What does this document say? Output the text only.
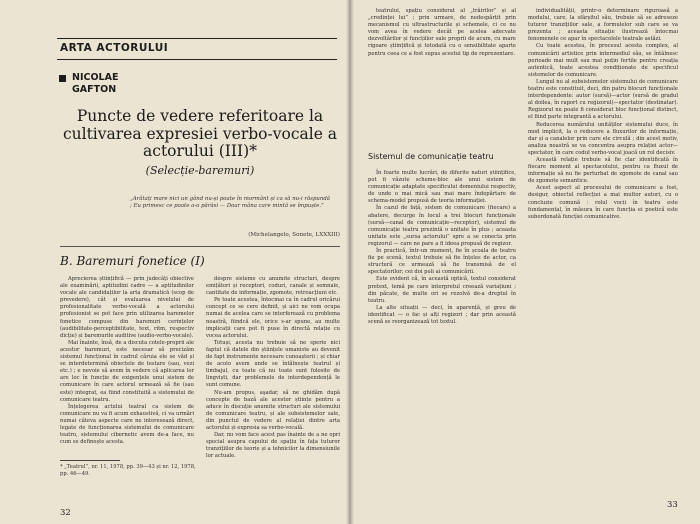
ARTA ACTORULUI
NICOLAE
GAFTON
Puncte de vedere referitoare la cultivarea expresiei verbo-vocale a actorului (III)*
(Selecție-baremuri)
„Arătați mare nici un gând nu-și poate în mormânt și ca să nu-i răspundă ; Eu primesc ce poate a-o părăsi — Doar mâna care mintă se împuște.”
(Michelangelo, Sonete, LXXXIII)
B. Baremuri fonetice (I)

Aprecierea științifică — prin judecăți obiective ale examinării, aptitudini cadre — a aptitudinilor vocale ale candidaților la arta dramatică (scop de prevedere), cât și evaluarea nivelului de profesionalitate verbo-vocală a actorului profesionist se pot face prin utilizarea baremelor fonetice compuse din baremuri cerințelor (audibilitate-perceptibilitate, text, ritm, respectiv dicție) și baremurile auditive (audio-verbo-vocale).

Mai înainte, însă, de a discuta cotele-proprii ale acestor baremuri, este necesar să precizăm sistemul funcțional în cadrul căruia ele se văd și se interdetermină obiectele de testare (sau, vezi etc.) ; e nevoie să avem în vedere că aplicarea lor are loc în funcție de exigențele unui sistem de comunicare în care actorul urmează să fie (sau este) integrat, ea fiind constituită a sistemului de comunicare teatru.

Înțelegerea actului teatral ca sistem de comunicare nu va fi acum exhaustivă, ci va urmări numai câteva aspecte care ne interesează direct, legate de funcționarea sistemului de comunicare teatru, sistemului cibernetic avem de-a face, nu cum se definește acesta.

despre sisteme cu anumite structuri, despre emițători și receptori, coduri, canale și semnale, cantitate de informație, zgomote, retroacțiuni etc.

Pe toate acestea, întocmai ca în cadrul oricărui concept ce se cere definit, și aici ne vom ocupa numai de acelea care se interferează cu problema noastră, fiindcă ele, orice s-ar spune, au multe implicații care pot fi puse în directă relație cu vocea actorului.

Totuși, acesta nu trebuie să ne sperie nici faptul că datele din științele umaniste au devenit de fapt instrumente necesare cunoașterii ; și chiar de acolo avem unde se întâlnește teatrul și limbajul, cu toate că nu toate sunt folosite de lingviști, dar problemele de interdependență le sunt comune.

Nu-am propus, aşadar, să ne ghidăm după concepte de bază ale acestor științe pentru a aduce în discuție anumite structuri ale sistemului de comunicare teatru, și ale subsistemelor sale, din punctul de vedere al relației dintre arta actorului și expresia sa verbo-vocală.

Dar, nu vom face acest pas înainte de a ne opri special asupra capului de spațiu în fața tuturor tranzițiilor de teorie și a tehnicilor la dimensiunile lor actuale.

* „Teatrul”, nr. 11, 1978, pp. 39—43 și nr. 12, 1978, pp. 46—49.
32

teatrului, spațiu considerat al „trăirilor” și al „credinței lui” ; prin urmare, de nedespărțit prin mecanismul cu ultrastructurile și schemele, ci ce nu vom avea în vedere decât pe acelea adecvate dezvoltărilor și funcțiilor sale proprii de acum, cu mare rigoare științifică și totodată cu o sensibilitate aparte pentru ceea ce a fost supus acestui tip de reprezentare.

Sistemul de comunicație teatru

În foarte multe lucrări, de diferite naturi științifice, pot fi văzute scheme-bloc ale unui sistem de comunicație adaptate specificului domeniului respectiv, de unde o mai mică sau mai mare îndepărtare de schema-model propusă de teoria informației.

În cazul de față, sistem de comunicare (fiecare) a abatere, decurge în locul a trei blocuri funcționale (sursă—canal de comunicație—receptor), sistemul de comunicație teatru prezintă o unitate în plus ; aceasta unitate este „sursa actorului” spre a se conecta prin regizorul — care ne pare a fi ideea propusă de regizor.

În practică, într-un moment, fie în școala de teatru fie pe scenă, textul trebuie să fie înțeles de actor, ca structură ce urmează să fie transmisă de el spectatorilor; cei doi poli ai comunicării.

Este evident că, în această optică, textul considerat pretext, temă pe care interpretul creează variațiuni ; din păcate, de multe ori se rezolvă de-a dreptul în teatru.

La alte situații — deci, în aparență, și greu de identificat — o fac și alți regizori ; dar prin această scenă se reorganizează tot textul.

individualității, printr-o determinare riguroasă a modului, care, la sfârșitul său, trebuie să se adreseze tuturor tranzițiilor sale, a formulelor sub care se va prezenta ; aceasta situație ilustrează întocmai fenomenele ce apar în spectacolele teatrale astăzi.

Cu toate acestea, în procesul acesta complex, al comunicării artistice prin intermediul său, se întâlnesc perioade mai mult sau mai puțin fertile pentru creația autentică, toate acestea condiționate de specificul sistemelor de comunicare.

Lungul nu al subsistemelor sistemului de comunicare teatru este constituit, deci, din patru blocuri funcționale interdependente: autor (sursă)—actor (sursă de gradul al doilea, în raport cu regizorul)—spectator (destinatar). Regizorul nu poate fi considerat bloc funcțional distinct, el fiind parte integrantă a actorului.

Reducerea numărului unităților sistemului duce, în mod implicit, la o reducere a fluxurilor de informație, dar și a canalelor prin care ele circulă ; din acest motiv, analiza noastră se va concentra asupra relației actor—spectator, în care codul verbo-vocal joacă un rol decisiv.

Această relație trebuie să fie clar identificată în fiecare moment al spectacolului, pentru ca fluxul de informație să nu fie perturbat de zgomote de canal sau de zgomote semantice.

Acest aspect al procesului de comunicare a fost, desigur, obiectul reflecției a mai multor autori, cu o concluzie comună : rolul vocii în teatru este fundamental, în măsura în care funcția ei poetică este subordonată funcției comunicative.

33
